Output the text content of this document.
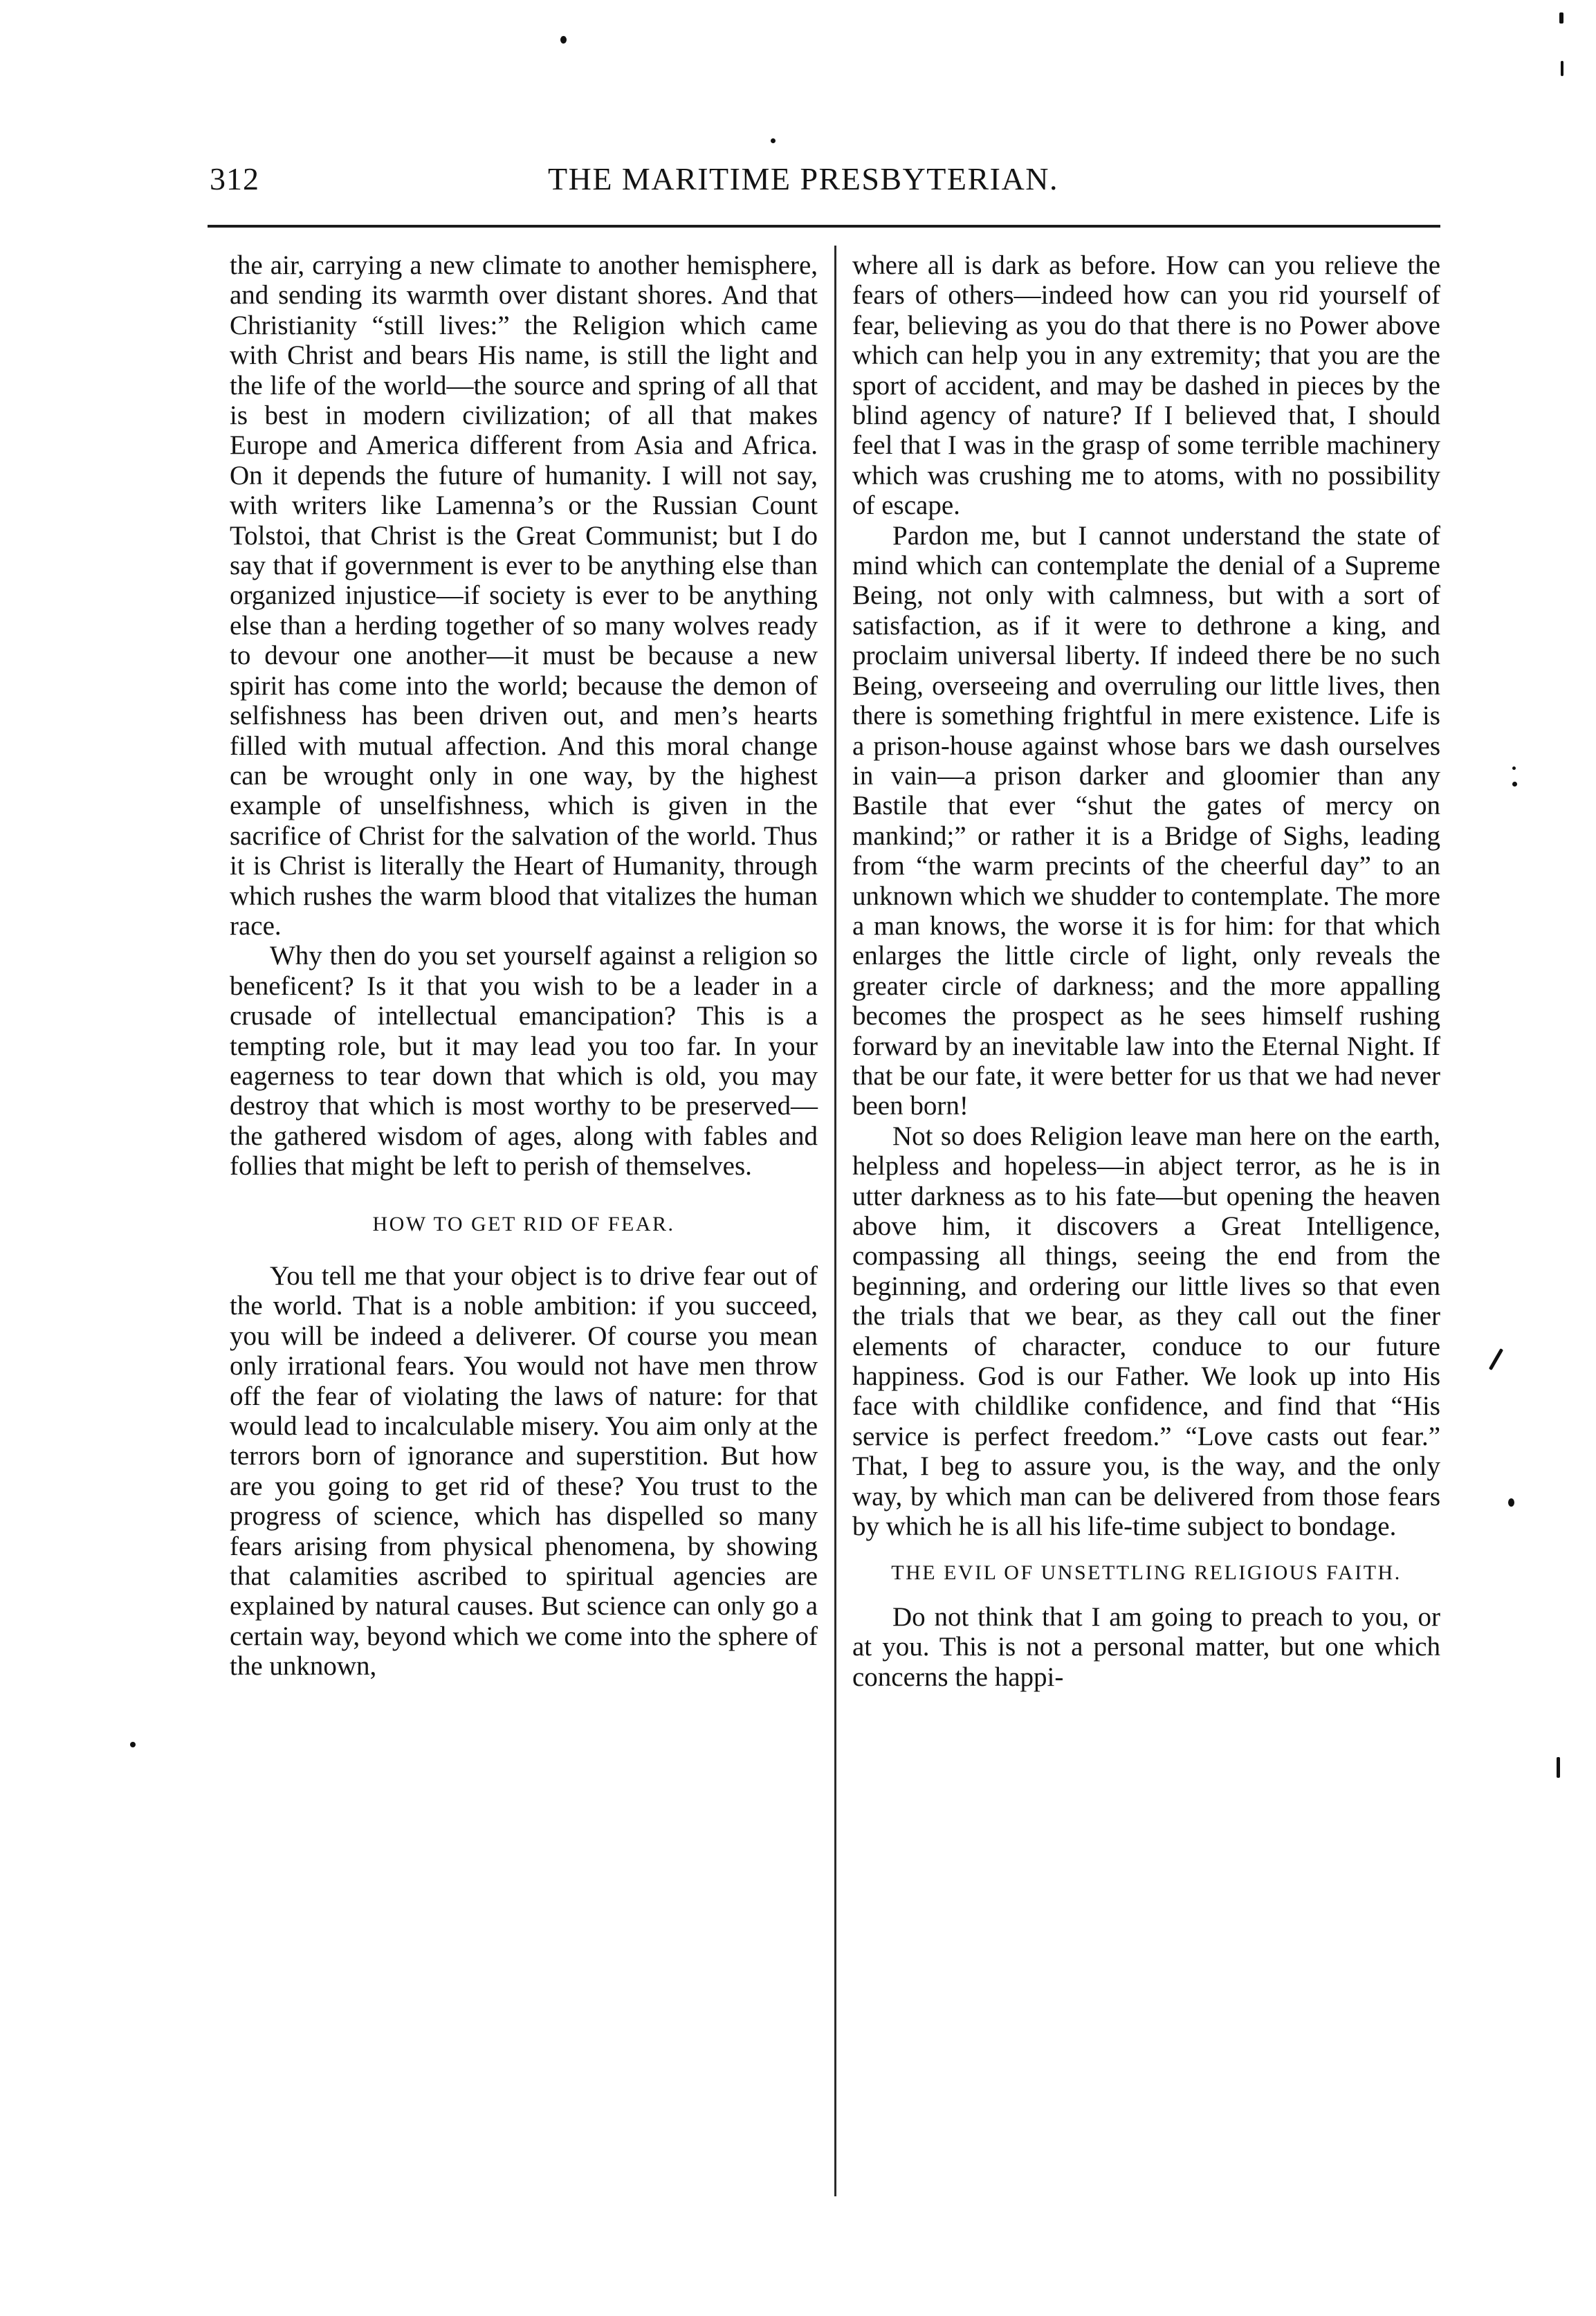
312	THE MARITIME PRESBYTERIAN.

the air, carrying a new climate to another hemisphere, and sending its warmth over distant shores. And that Christianity “still lives:” the Religion which came with Christ and bears His name, is still the light and the life of the world—the source and spring of all that is best in modern civilization; of all that makes Europe and America different from Asia and Africa. On it depends the future of humanity. I will not say, with writers like Lamenna’s or the Russian Count Tolstoi, that Christ is the Great Communist; but I do say that if government is ever to be anything else than organized injustice—if society is ever to be anything else than a herding together of so many wolves ready to devour one another—it must be because a new spirit has come into the world; because the demon of selfishness has been driven out, and men’s hearts filled with mutual affection. And this moral change can be wrought only in one way, by the highest example of unselfishness, which is given in the sacrifice of Christ for the salvation of the world. Thus it is Christ is literally the Heart of Humanity, through which rushes the warm blood that vitalizes the human race.

Why then do you set yourself against a religion so beneficent? Is it that you wish to be a leader in a crusade of intellectual emancipation? This is a tempting role, but it may lead you too far. In your eagerness to tear down that which is old, you may destroy that which is most worthy to be preserved—the gathered wisdom of ages, along with fables and follies that might be left to perish of themselves.

HOW TO GET RID OF FEAR.

You tell me that your object is to drive fear out of the world. That is a noble ambition: if you succeed, you will be indeed a deliverer. Of course you mean only irrational fears. You would not have men throw off the fear of violating the laws of nature: for that would lead to incalculable misery. You aim only at the terrors born of ignorance and superstition. But how are you going to get rid of these? You trust to the progress of science, which has dispelled so many fears arising from physical phenomena, by showing that calamities ascribed to spiritual agencies are explained by natural causes. But science can only go a certain way, beyond which we come into the sphere of the unknown,

where all is dark as before. How can you relieve the fears of others—indeed how can you rid yourself of fear, believing as you do that there is no Power above which can help you in any extremity; that you are the sport of accident, and may be dashed in pieces by the blind agency of nature? If I believed that, I should feel that I was in the grasp of some terrible machinery which was crushing me to atoms, with no possibility of escape.

Pardon me, but I cannot understand the state of mind which can contemplate the denial of a Supreme Being, not only with calmness, but with a sort of satisfaction, as if it were to dethrone a king, and proclaim universal liberty. If indeed there be no such Being, overseeing and overruling our little lives, then there is something frightful in mere existence. Life is a prison-house against whose bars we dash ourselves in vain—a prison darker and gloomier than any Bastile that ever “shut the gates of mercy on mankind;” or rather it is a Bridge of Sighs, leading from “the warm precints of the cheerful day” to an unknown which we shudder to contemplate. The more a man knows, the worse it is for him: for that which enlarges the little circle of light, only reveals the greater circle of darkness; and the more appalling becomes the prospect as he sees himself rushing forward by an inevitable law into the Eternal Night. If that be our fate, it were better for us that we had never been born!

Not so does Religion leave man here on the earth, helpless and hopeless—in abject terror, as he is in utter darkness as to his fate—but opening the heaven above him, it discovers a Great Intelligence, compassing all things, seeing the end from the beginning, and ordering our little lives so that even the trials that we bear, as they call out the finer elements of character, conduce to our future happiness. God is our Father. We look up into His face with childlike confidence, and find that “His service is perfect freedom.” “Love casts out fear.” That, I beg to assure you, is the way, and the only way, by which man can be delivered from those fears by which he is all his life-time subject to bondage.

THE EVIL OF UNSETTLING RELIGIOUS FAITH.

Do not think that I am going to preach to you, or at you. This is not a personal matter, but one which concerns the happi-
